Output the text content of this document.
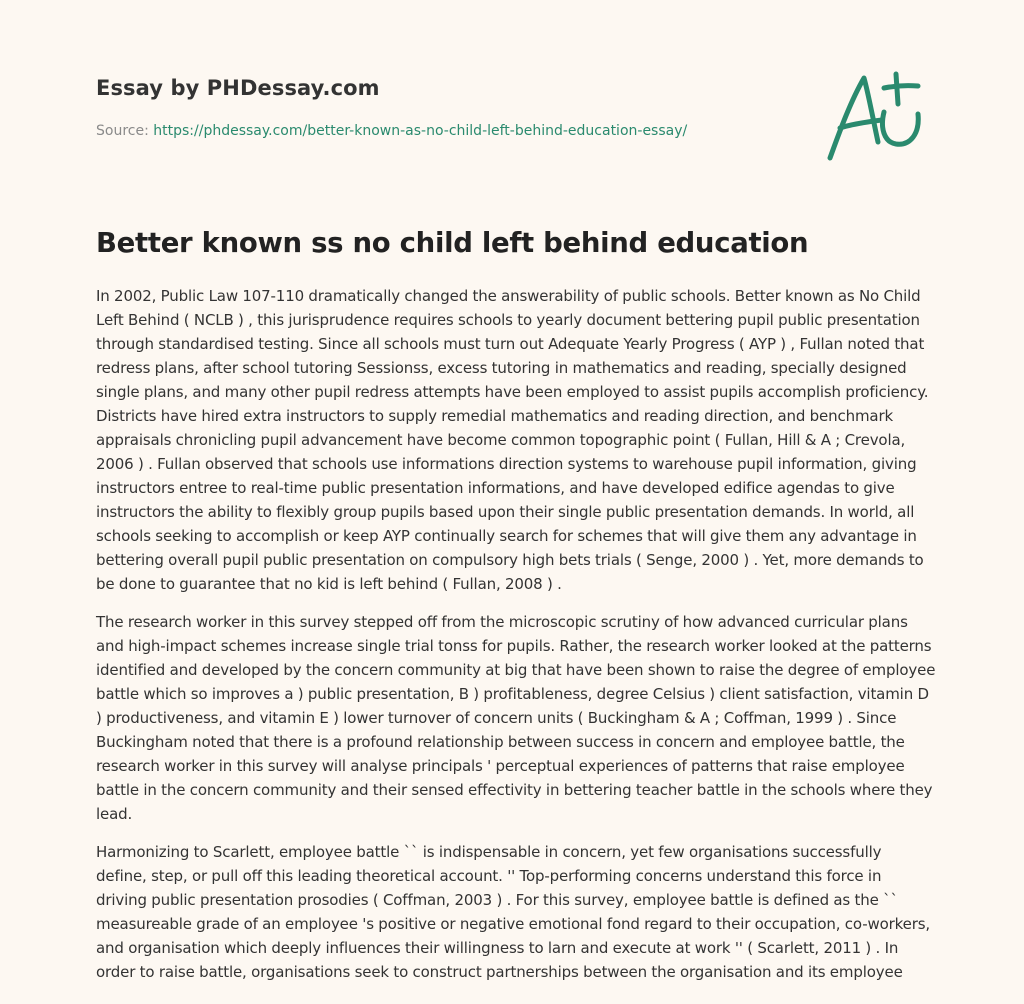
Essay by PHDessay.com
Source: https://phdessay.com/better-known-as-no-child-left-behind-education-essay/
Better known ss no child left behind education

In 2002, Public Law 107-110 dramatically changed the answerability of public schools. Better known as No Child Left Behind ( NCLB ) , this jurisprudence requires schools to yearly document bettering pupil public presentation through standardised testing. Since all schools must turn out Adequate Yearly Progress ( AYP ) , Fullan noted that redress plans, after school tutoring Sessionss, excess tutoring in mathematics and reading, specially designed single plans, and many other pupil redress attempts have been employed to assist pupils accomplish proficiency. Districts have hired extra instructors to supply remedial mathematics and reading direction, and benchmark appraisals chronicling pupil advancement have become common topographic point ( Fullan, Hill & A ; Crevola, 2006 ) . Fullan observed that schools use informations direction systems to warehouse pupil information, giving instructors entree to real-time public presentation informations, and have developed edifice agendas to give instructors the ability to flexibly group pupils based upon their single public presentation demands. In world, all schools seeking to accomplish or keep AYP continually search for schemes that will give them any advantage in bettering overall pupil public presentation on compulsory high bets trials ( Senge, 2000 ) . Yet, more demands to be done to guarantee that no kid is left behind ( Fullan, 2008 ) .

The research worker in this survey stepped off from the microscopic scrutiny of how advanced curricular plans and high-impact schemes increase single trial tonss for pupils. Rather, the research worker looked at the patterns identified and developed by the concern community at big that have been shown to raise the degree of employee battle which so improves a ) public presentation, B ) profitableness, degree Celsius ) client satisfaction, vitamin D ) productiveness, and vitamin E ) lower turnover of concern units ( Buckingham & A ; Coffman, 1999 ) . Since Buckingham noted that there is a profound relationship between success in concern and employee battle, the research worker in this survey will analyse principals ' perceptual experiences of patterns that raise employee battle in the concern community and their sensed effectivity in bettering teacher battle in the schools where they lead.

Harmonizing to Scarlett, employee battle `` is indispensable in concern, yet few organisations successfully define, step, or pull off this leading theoretical account. '' Top-performing concerns understand this force in driving public presentation prosodies ( Coffman, 2003 ) . For this survey, employee battle is defined as the `` measureable grade of an employee 's positive or negative emotional fond regard to their occupation, co-workers, and organisation which deeply influences their willingness to larn and execute at work '' ( Scarlett, 2011 ) . In order to raise battle, organisations seek to construct partnerships between the organisation and its employee
